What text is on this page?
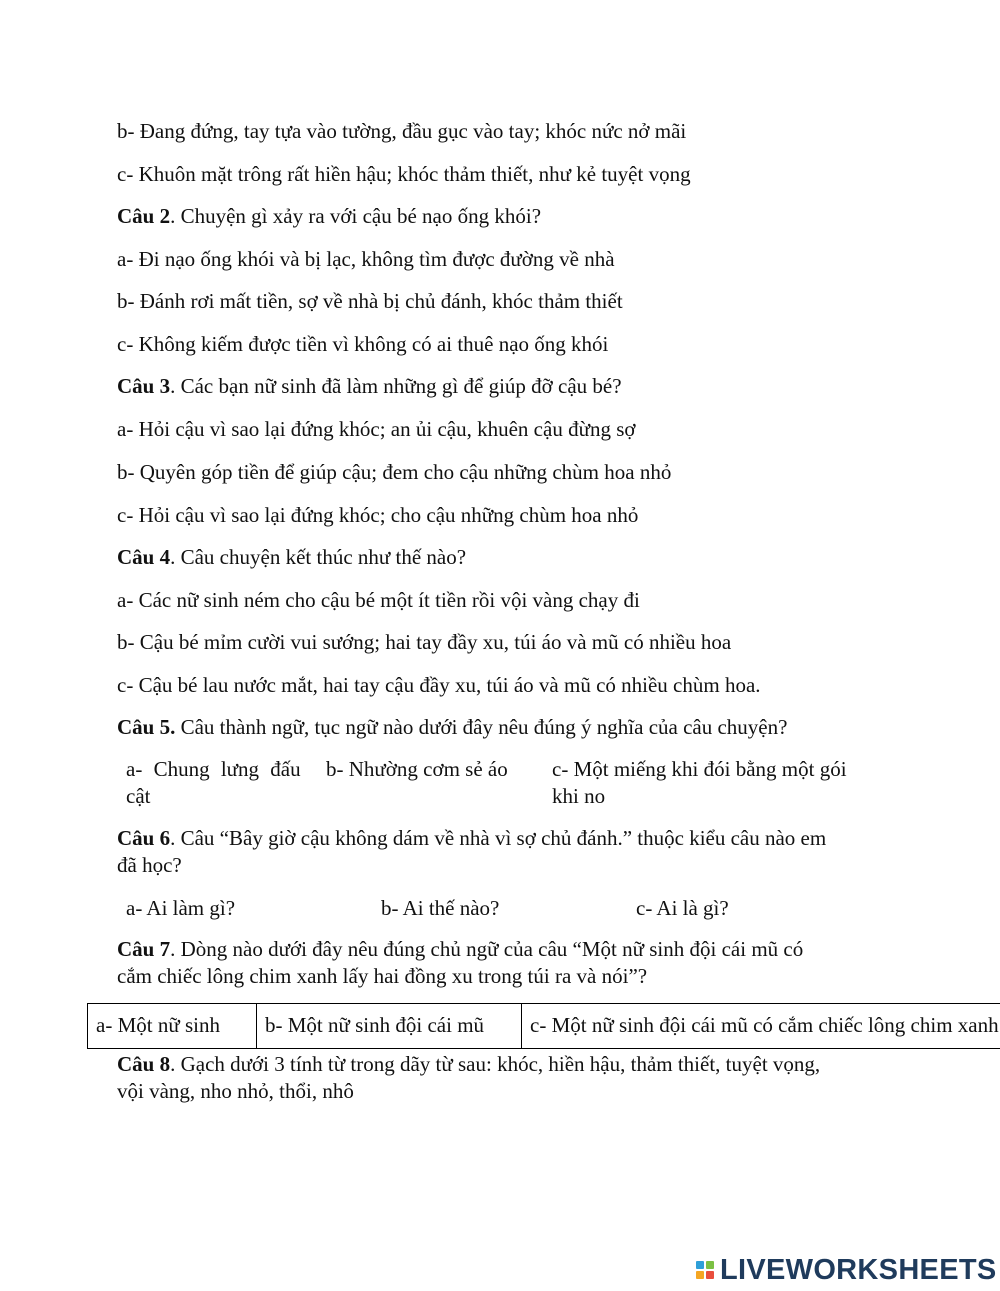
b- Đang đứng, tay tựa vào tường, đầu gục vào tay; khóc nức nở mãi
c- Khuôn mặt trông rất hiền hậu; khóc thảm thiết, như kẻ tuyệt vọng
Câu 2. Chuyện gì xảy ra với cậu bé nạo ống khói?
a- Đi nạo ống khói và bị lạc, không tìm được đường về nhà
b- Đánh rơi mất tiền, sợ về nhà bị chủ đánh, khóc thảm thiết
c- Không kiếm được tiền vì không có ai thuê nạo ống khói
Câu 3. Các bạn nữ sinh đã làm những gì để giúp đỡ cậu bé?
a- Hỏi cậu vì sao lại đứng khóc; an ủi cậu, khuên cậu đừng sợ
b- Quyên góp tiền để giúp cậu; đem cho cậu những chùm hoa nhỏ
c- Hỏi cậu vì sao lại đứng khóc; cho cậu những chùm hoa nhỏ
Câu 4. Câu chuyện kết thúc như thế nào?
a- Các nữ sinh ném cho cậu bé một ít tiền rồi vội vàng chạy đi
b- Cậu bé mỉm cười vui sướng; hai tay đầy xu, túi áo và mũ có nhiều hoa
c- Cậu bé lau nước mắt, hai tay cậu đầy xu, túi áo và mũ có nhiều chùm hoa.
Câu 5. Câu thành ngữ, tục ngữ nào dưới đây nêu đúng ý nghĩa của câu chuyện?
a- Chung lưng đấu
cật
b- Nhường cơm sẻ áo c- Một miếng khi đói bằng một gói
khi no
Câu 6. Câu “Bây giờ cậu không dám về nhà vì sợ chủ đánh.” thuộc kiểu câu nào em
đã học?
a- Ai làm gì?	b- Ai thế nào?	c- Ai là gì?
Câu 7. Dòng nào dưới đây nêu đúng chủ ngữ của câu “Một nữ sinh đội cái mũ có
cắm chiếc lông chim xanh lấy hai đồng xu trong túi ra và nói”?
a- Một nữ sinh	b- Một nữ sinh đội cái mũ	c- Một nữ sinh đội cái mũ có cắm chiếc lông chim xanh
Câu 8. Gạch dưới 3 tính từ trong dãy từ sau: khóc, hiền hậu, thảm thiết, tuyệt vọng,
vội vàng, nho nhỏ, thổi, nhô
LIVEWORKSHEETS
